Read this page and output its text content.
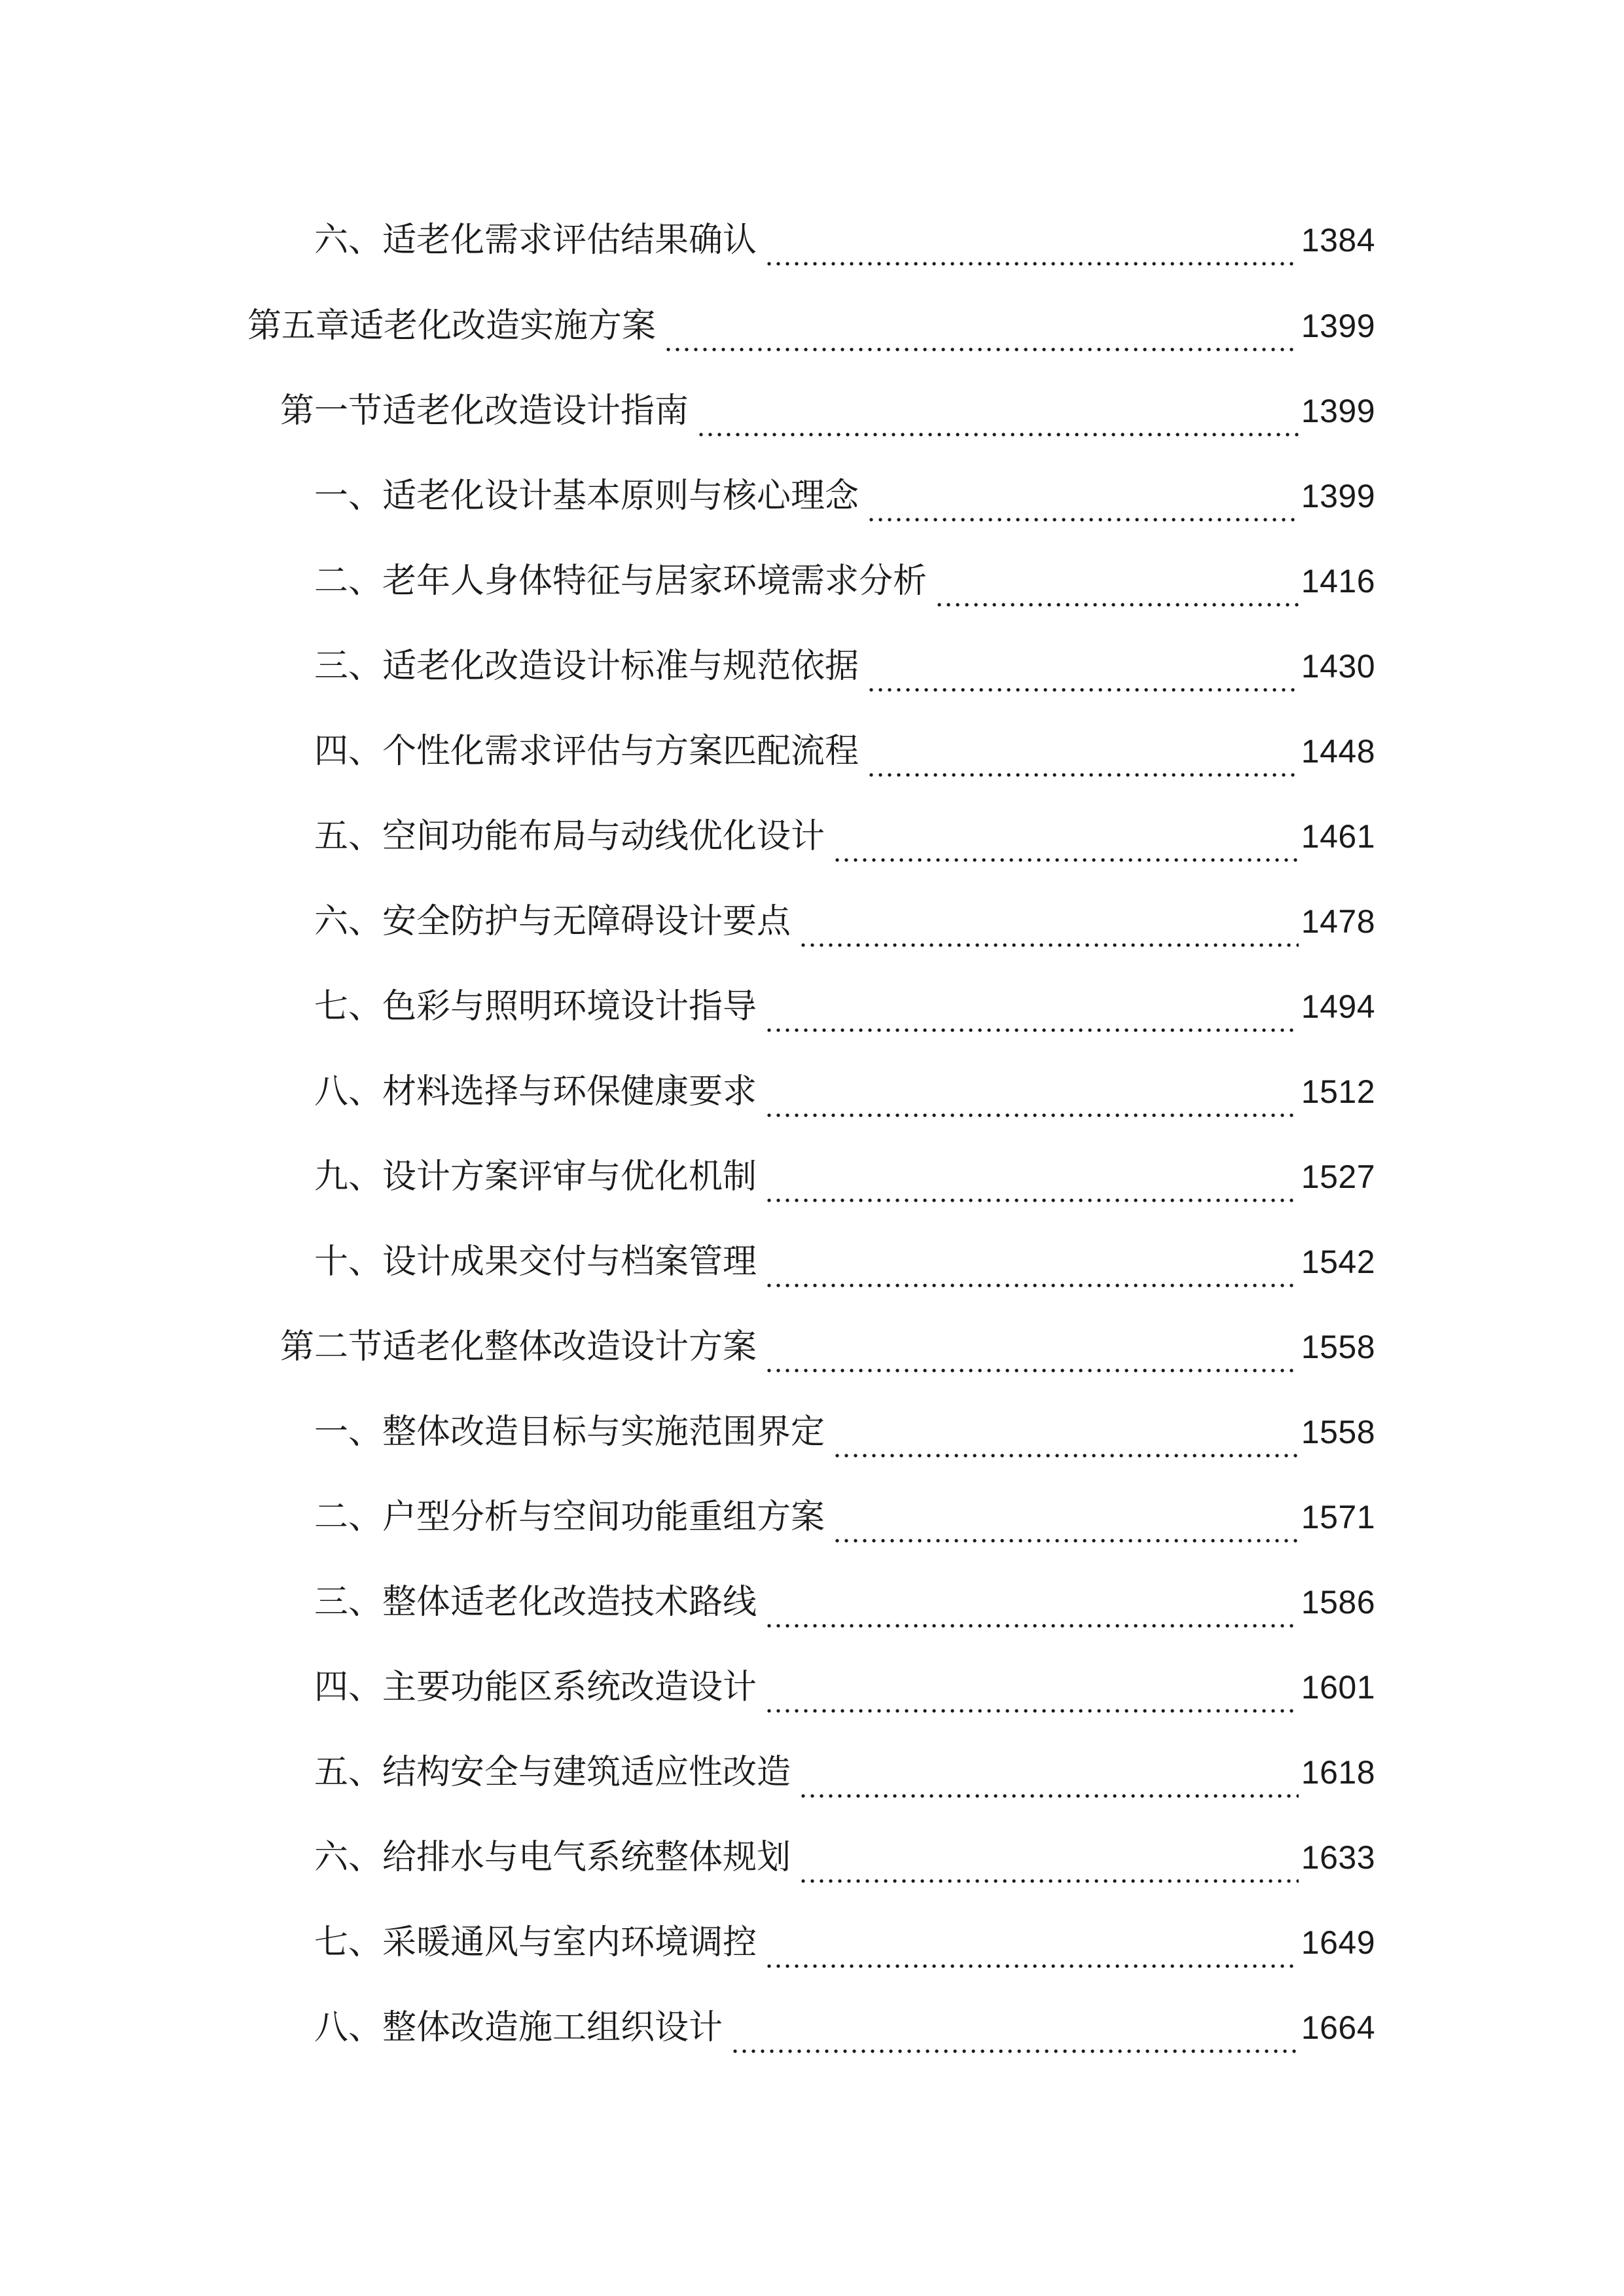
六、适老化需求评估结果确认	1384
第五章适老化改造实施方案	1399
第一节适老化改造设计指南	1399
一、适老化设计基本原则与核心理念	1399
二、老年人身体特征与居家环境需求分析	1416
三、适老化改造设计标准与规范依据	1430
四、个性化需求评估与方案匹配流程	1448
五、空间功能布局与动线优化设计	1461
六、安全防护与无障碍设计要点	1478
七、色彩与照明环境设计指导	1494
八、材料选择与环保健康要求	1512
九、设计方案评审与优化机制	1527
十、设计成果交付与档案管理	1542
第二节适老化整体改造设计方案	1558
一、整体改造目标与实施范围界定	1558
二、户型分析与空间功能重组方案	1571
三、整体适老化改造技术路线	1586
四、主要功能区系统改造设计	1601
五、结构安全与建筑适应性改造	1618
六、给排水与电气系统整体规划	1633
七、采暖通风与室内环境调控	1649
八、整体改造施工组织设计	1664
